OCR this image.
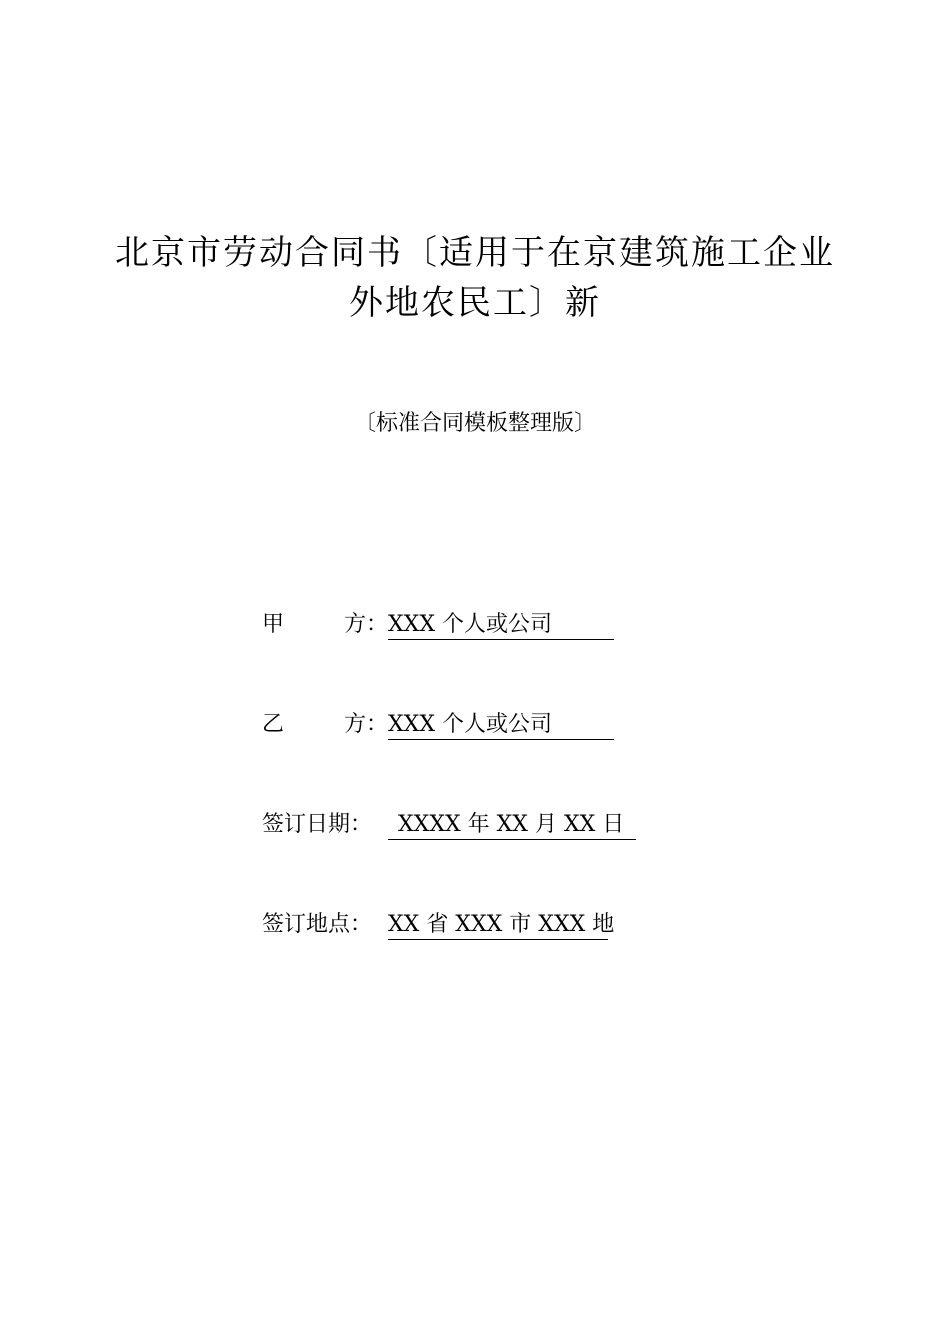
北京市劳动合同书〔适用于在京建筑施工企业
外地农民工〕新

〔标准合同模板整理版〕

甲	方 ：XXX 个人或公司
乙	方 ：XXX 个人或公司
签订日期： XXXX 年 XX 月 XX 日
签订地点： XX 省 XXX 市 XXX 地
